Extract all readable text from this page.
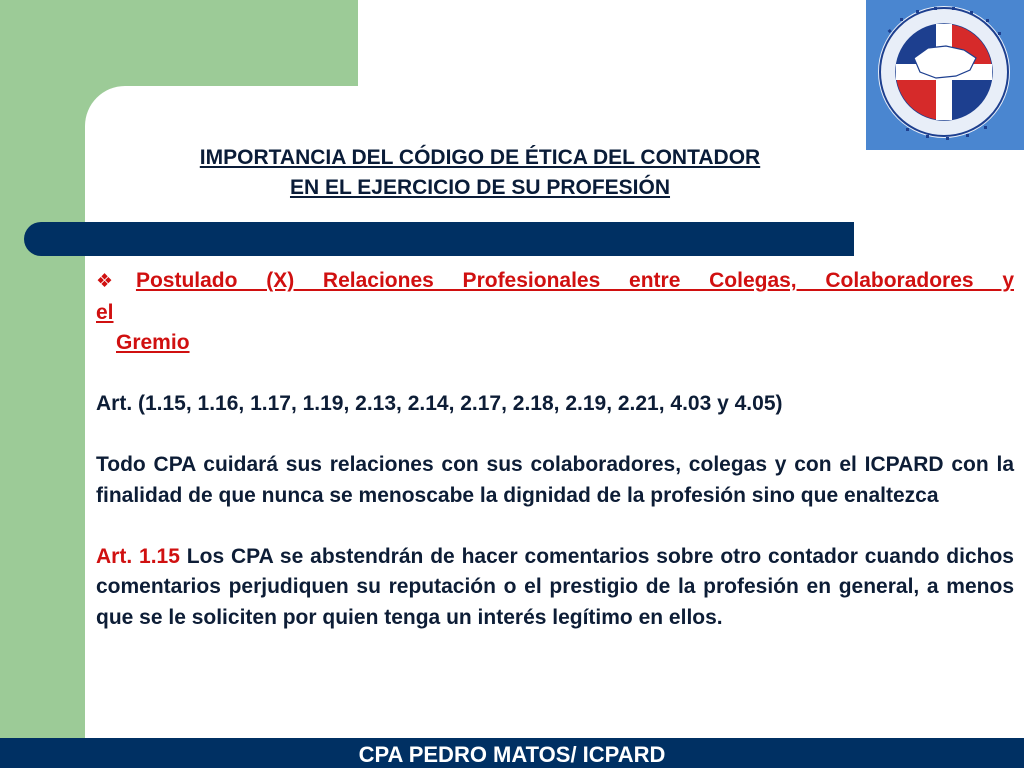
IMPORTANCIA DEL CÓDIGO DE ÉTICA DEL CONTADOR
EN EL EJERCICIO DE SU PROFESIÓN
❖Postulado (X) Relaciones Profesionales entre Colegas, Colaboradores y
el
Gremio
Art. (1.15, 1.16, 1.17, 1.19, 2.13, 2.14, 2.17, 2.18, 2.19, 2.21, 4.03 y 4.05)
Todo CPA cuidará sus relaciones con sus colaboradores, colegas y con el ICPARD con la finalidad de que nunca se menoscabe la dignidad de la profesión sino que enaltezca
Art. 1.15 Los CPA se abstendrán de hacer comentarios sobre otro contador cuando dichos comentarios perjudiquen su reputación o el prestigio de la profesión en general, a menos que se le soliciten por quien tenga un interés legítimo en ellos.
CPA PEDRO MATOS/ ICPARD
